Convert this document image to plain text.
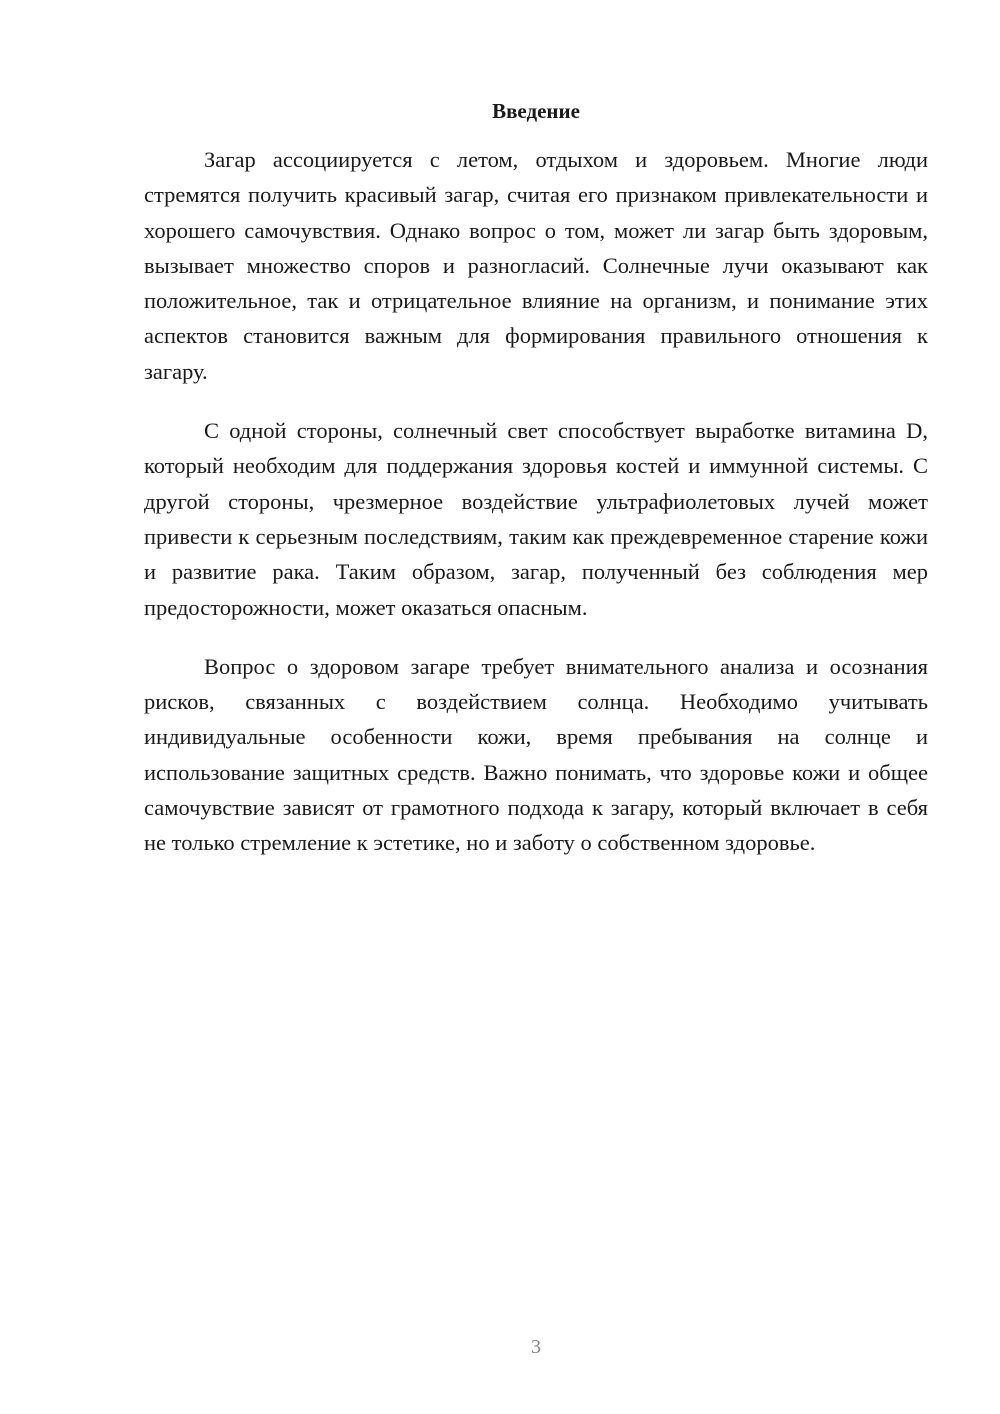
Введение

Загар ассоциируется с летом, отдыхом и здоровьем. Многие люди стремятся получить красивый загар, считая его признаком привлекательности и хорошего самочувствия. Однако вопрос о том, может ли загар быть здоровым, вызывает множество споров и разногласий. Солнечные лучи оказывают как положительное, так и отрицательное влияние на организм, и понимание этих аспектов становится важным для формирования правильного отношения к загару.

С одной стороны, солнечный свет способствует выработке витамина D, который необходим для поддержания здоровья костей и иммунной системы. С другой стороны, чрезмерное воздействие ультрафиолетовых лучей может привести к серьезным последствиям, таким как преждевременное старение кожи и развитие рака. Таким образом, загар, полученный без соблюдения мер предосторожности, может оказаться опасным.

Вопрос о здоровом загаре требует внимательного анализа и осознания рисков, связанных с воздействием солнца. Необходимо учитывать индивидуальные особенности кожи, время пребывания на солнце и использование защитных средств. Важно понимать, что здоровье кожи и общее самочувствие зависят от грамотного подхода к загару, который включает в себя не только стремление к эстетике, но и заботу о собственном здоровье.

3
